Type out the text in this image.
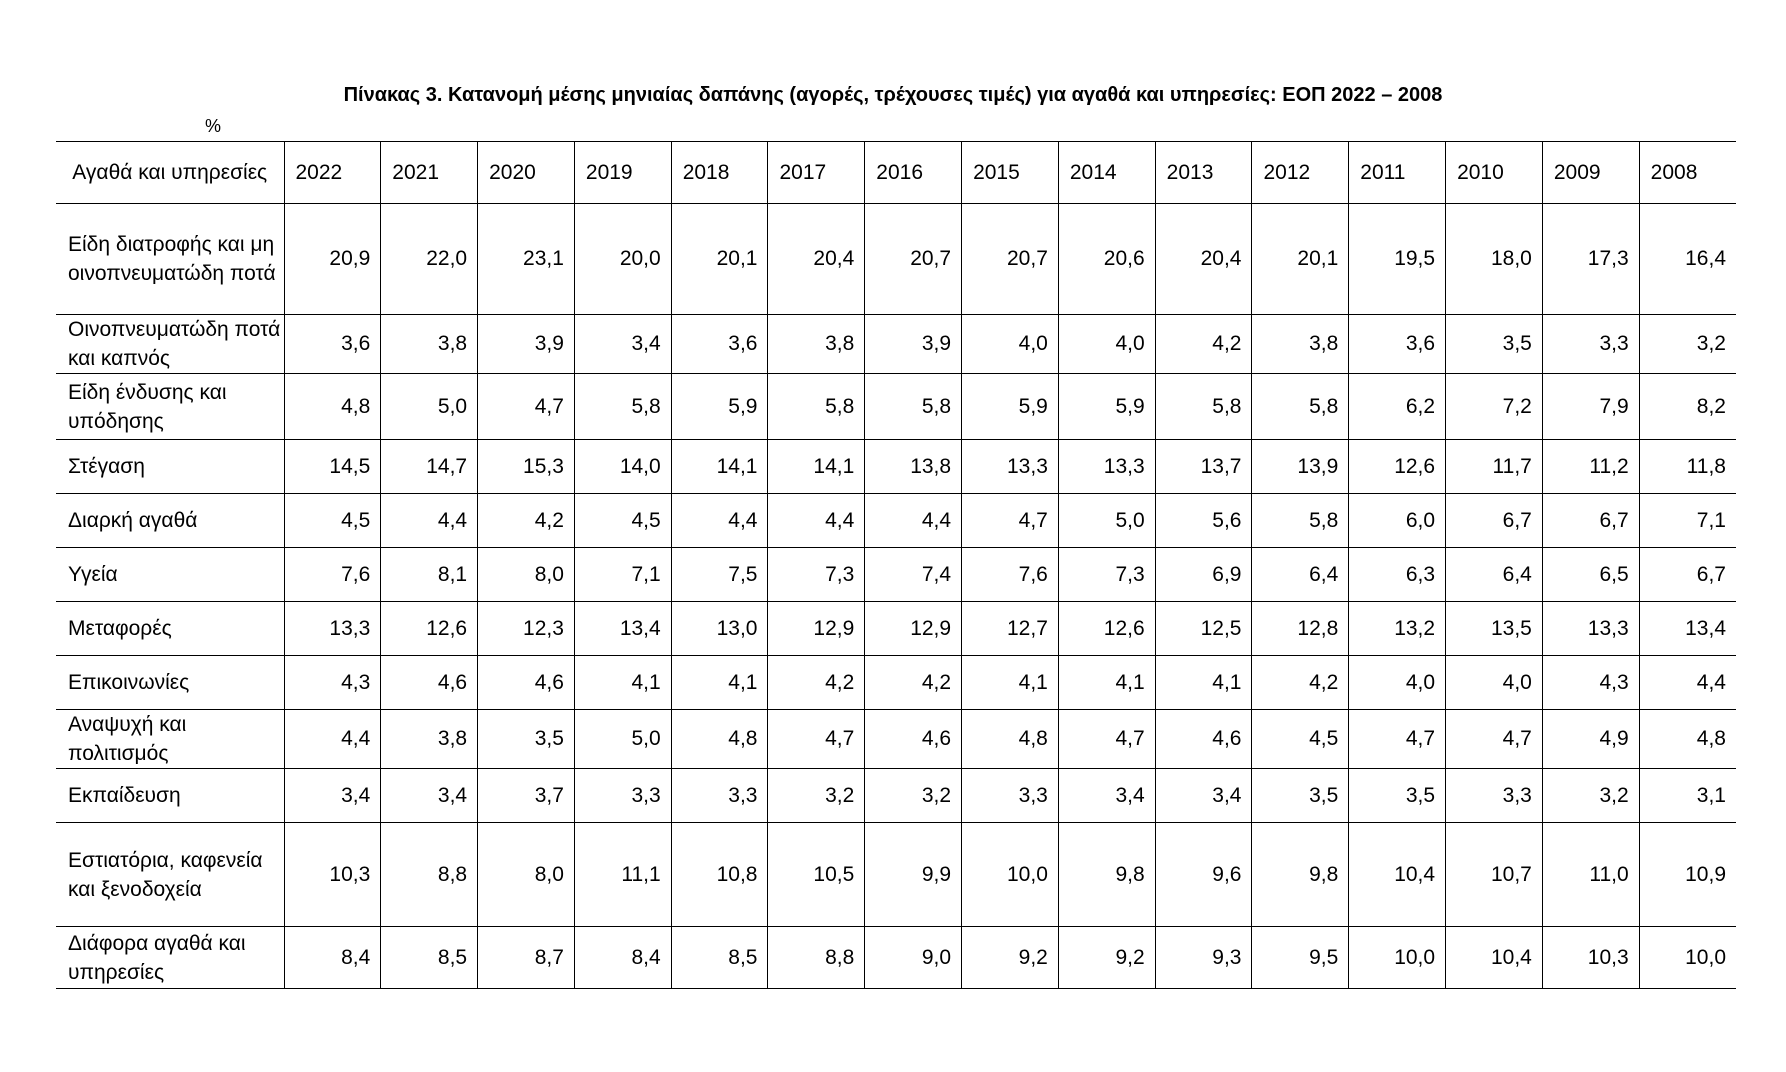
Πίνακας 3. Κατανομή μέσης μηνιαίας δαπάνης (αγορές, τρέχουσες τιμές) για αγαθά και υπηρεσίες: ΕΟΠ 2022 – 2008
%
Αγαθά και υπηρεσίες	2022	2021	2020	2019	2018	2017	2016	2015	2014	2013	2012	2011	2010	2009	2008
Είδη διατροφής και μη οινοπνευματώδη ποτά	20,9	22,0	23,1	20,0	20,1	20,4	20,7	20,7	20,6	20,4	20,1	19,5	18,0	17,3	16,4
Οινοπνευματώδη ποτά και καπνός	3,6	3,8	3,9	3,4	3,6	3,8	3,9	4,0	4,0	4,2	3,8	3,6	3,5	3,3	3,2
Είδη ένδυσης και υπόδησης	4,8	5,0	4,7	5,8	5,9	5,8	5,8	5,9	5,9	5,8	5,8	6,2	7,2	7,9	8,2
Στέγαση	14,5	14,7	15,3	14,0	14,1	14,1	13,8	13,3	13,3	13,7	13,9	12,6	11,7	11,2	11,8
Διαρκή αγαθά	4,5	4,4	4,2	4,5	4,4	4,4	4,4	4,7	5,0	5,6	5,8	6,0	6,7	6,7	7,1
Υγεία	7,6	8,1	8,0	7,1	7,5	7,3	7,4	7,6	7,3	6,9	6,4	6,3	6,4	6,5	6,7
Μεταφορές	13,3	12,6	12,3	13,4	13,0	12,9	12,9	12,7	12,6	12,5	12,8	13,2	13,5	13,3	13,4
Επικοινωνίες	4,3	4,6	4,6	4,1	4,1	4,2	4,2	4,1	4,1	4,1	4,2	4,0	4,0	4,3	4,4
Αναψυχή και πολιτισμός	4,4	3,8	3,5	5,0	4,8	4,7	4,6	4,8	4,7	4,6	4,5	4,7	4,7	4,9	4,8
Εκπαίδευση	3,4	3,4	3,7	3,3	3,3	3,2	3,2	3,3	3,4	3,4	3,5	3,5	3,3	3,2	3,1
Εστιατόρια, καφενεία και ξενοδοχεία	10,3	8,8	8,0	11,1	10,8	10,5	9,9	10,0	9,8	9,6	9,8	10,4	10,7	11,0	10,9
Διάφορα αγαθά και υπηρεσίες	8,4	8,5	8,7	8,4	8,5	8,8	9,0	9,2	9,2	9,3	9,5	10,0	10,4	10,3	10,0
